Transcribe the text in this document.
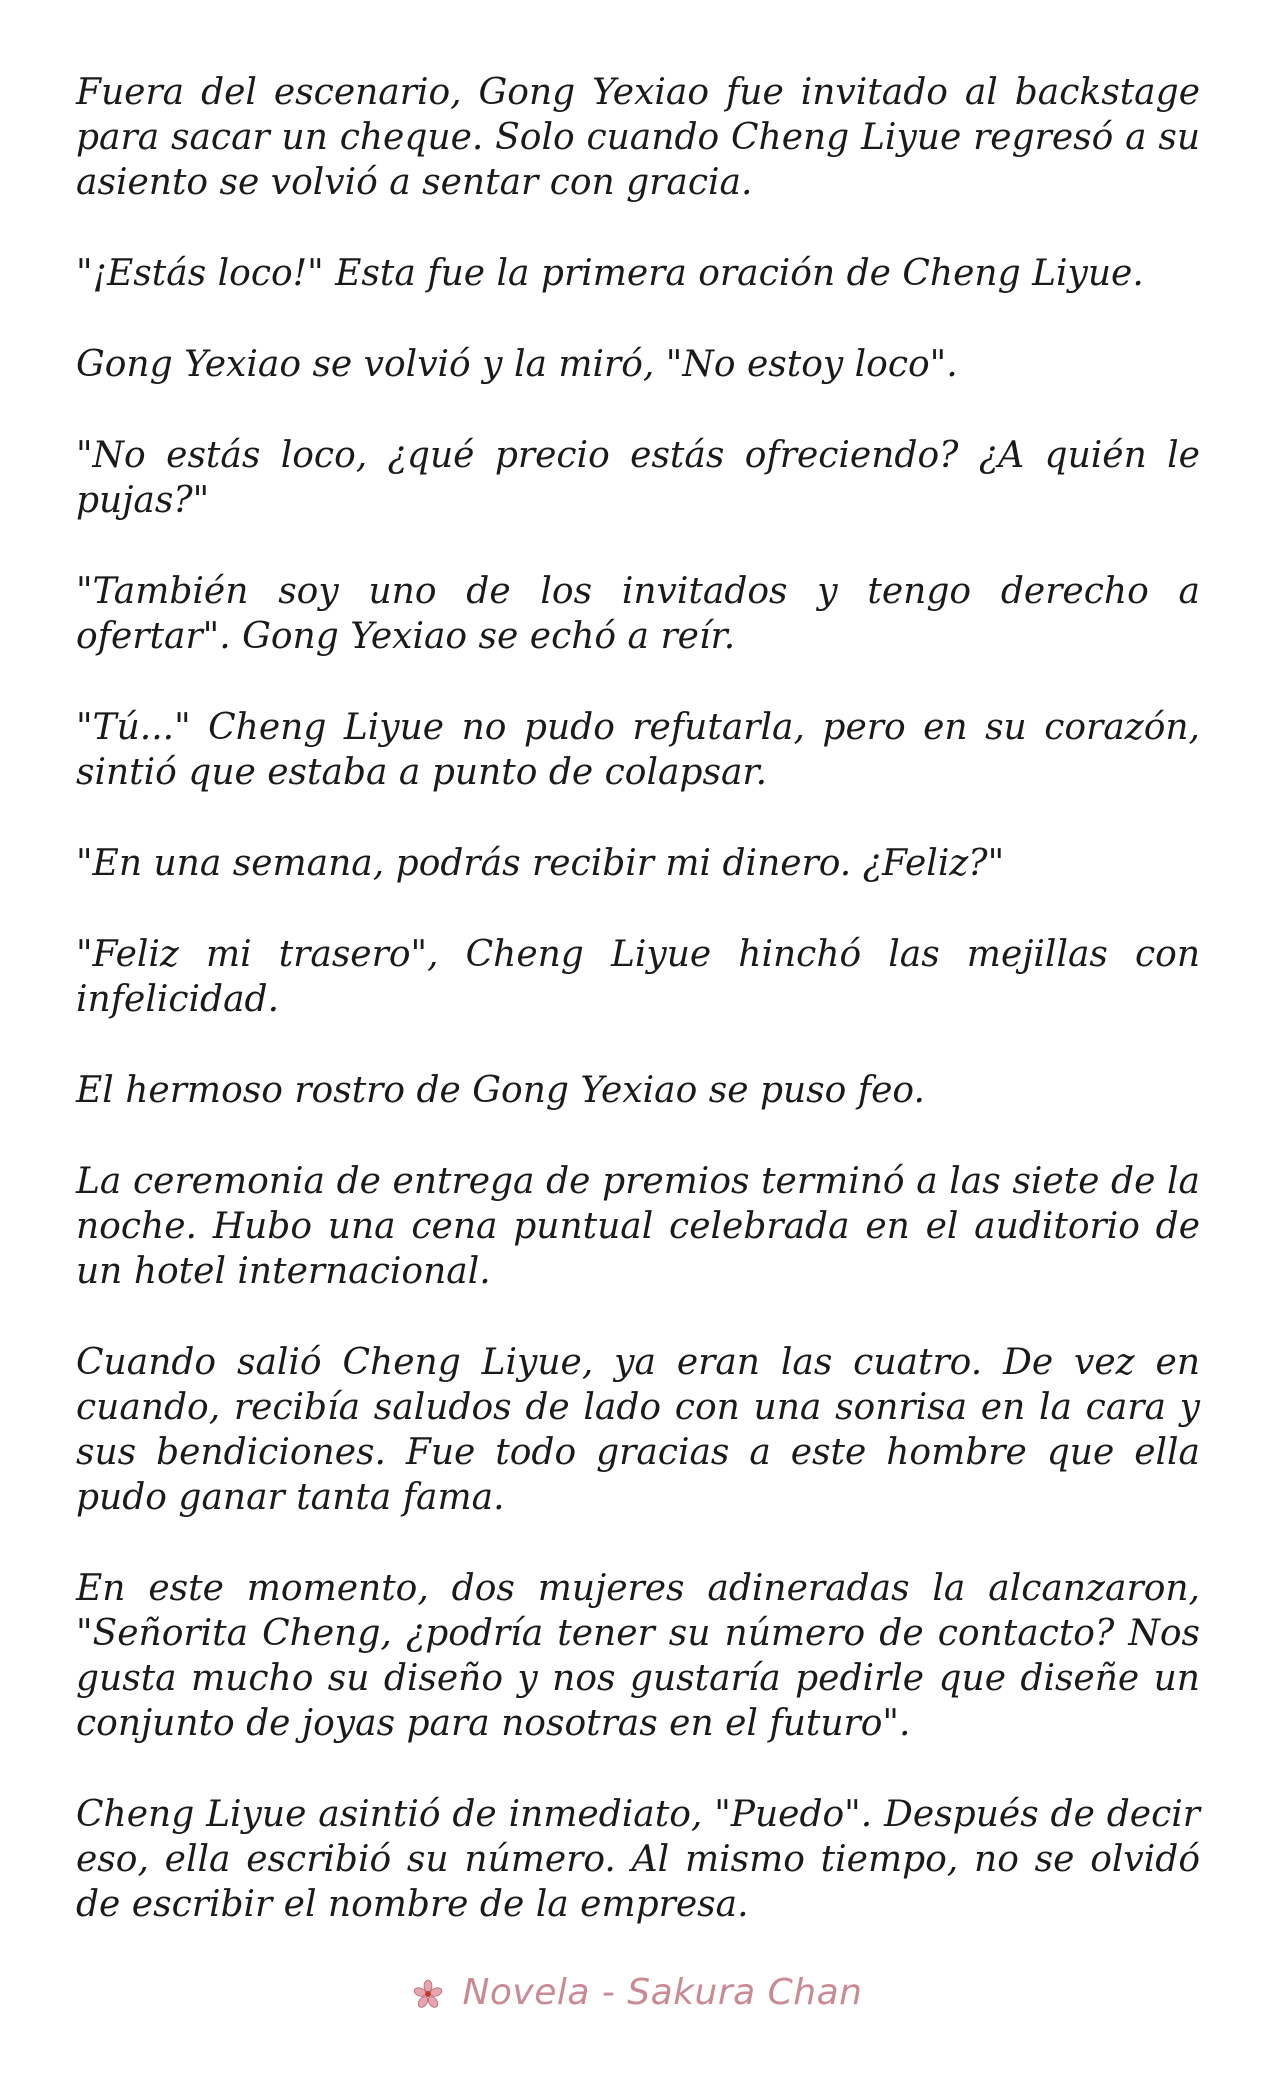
Fuera del escenario, Gong Yexiao fue invitado al backstage para sacar un cheque. Solo cuando Cheng Liyue regresó a su asiento se volvió a sentar con gracia.

"¡Estás loco!" Esta fue la primera oración de Cheng Liyue.

Gong Yexiao se volvió y la miró, "No estoy loco".

"No estás loco, ¿qué precio estás ofreciendo? ¿A quién le pujas?"

"También soy uno de los invitados y tengo derecho a ofertar". Gong Yexiao se echó a reír.

"Tú..." Cheng Liyue no pudo refutarla, pero en su corazón, sintió que estaba a punto de colapsar.

"En una semana, podrás recibir mi dinero. ¿Feliz?"

"Feliz mi trasero", Cheng Liyue hinchó las mejillas con infelicidad.

El hermoso rostro de Gong Yexiao se puso feo.

La ceremonia de entrega de premios terminó a las siete de la noche. Hubo una cena puntual celebrada en el auditorio de un hotel internacional.

Cuando salió Cheng Liyue, ya eran las cuatro. De vez en cuando, recibía saludos de lado con una sonrisa en la cara y sus bendiciones. Fue todo gracias a este hombre que ella pudo ganar tanta fama.

En este momento, dos mujeres adineradas la alcanzaron, "Señorita Cheng, ¿podría tener su número de contacto? Nos gusta mucho su diseño y nos gustaría pedirle que diseñe un conjunto de joyas para nosotras en el futuro".

Cheng Liyue asintió de inmediato, "Puedo". Después de decir eso, ella escribió su número. Al mismo tiempo, no se olvidó de escribir el nombre de la empresa.

Novela - Sakura Chan
